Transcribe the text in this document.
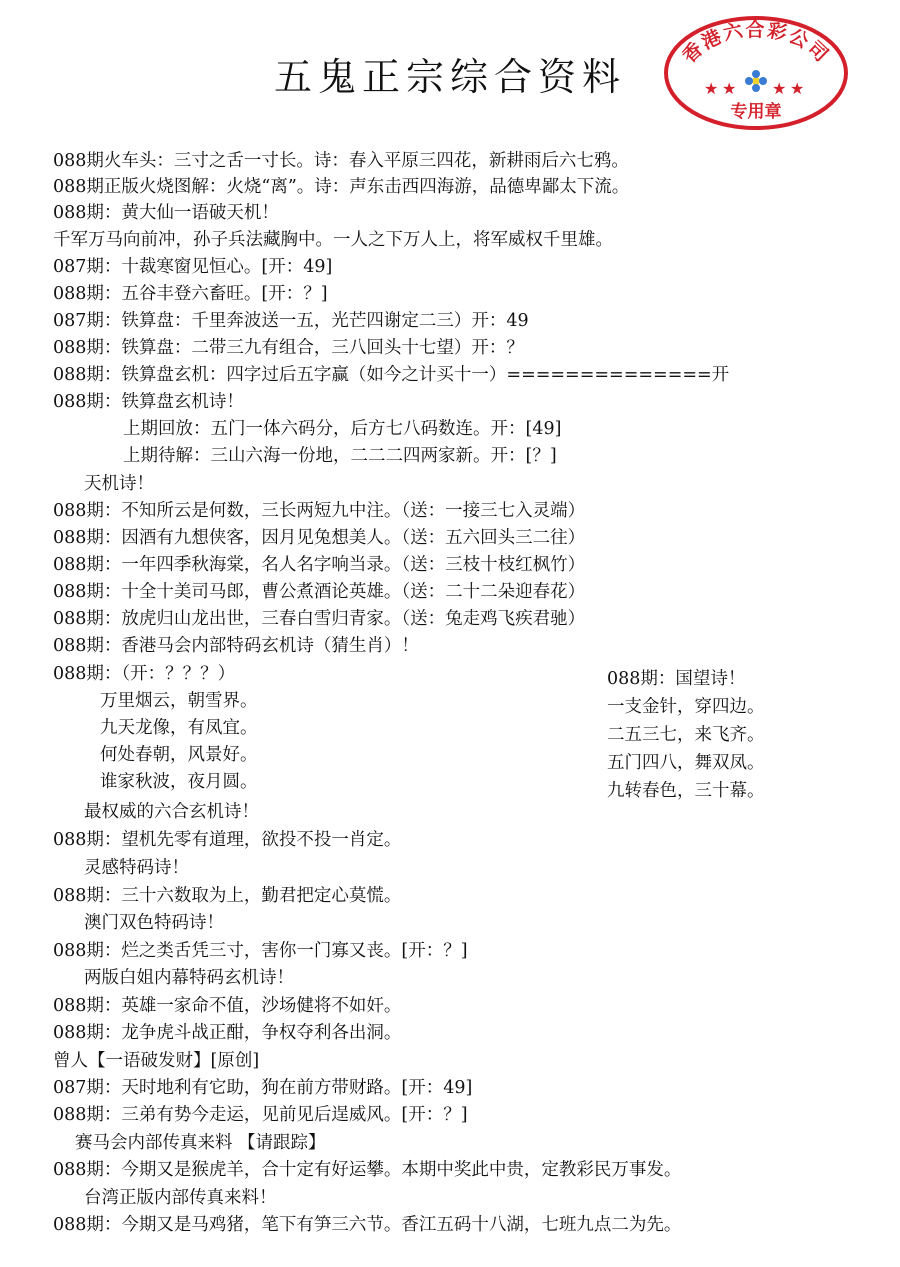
五鬼正宗综合资料
香港六合彩公司
★ ★ ★ ★
专用章
088期火车头：三寸之舌一寸长。诗：春入平原三四花，新耕雨后六七鸦。
088期正版火烧图解：火烧“离”。诗：声东击西四海游，品德卑鄙太下流。
088期：黄大仙一语破天机！
千军万马向前冲，孙子兵法藏胸中。一人之下万人上，将军威权千里雄。
087期：十裁寒窗见恒心。[开：49]
088期：五谷丰登六畜旺。[开：？]
087期：铁算盘：千里奔波送一五，光芒四谢定二三）开：49
088期：铁算盘：二带三九有组合，三八回头十七望）开：？
088期：铁算盘玄机：四字过后五字赢（如今之计买十一）==============开
088期：铁算盘玄机诗！
上期回放：五门一体六码分，后方七八码数连。开：[49]
上期待解：三山六海一份地，二二二四两家新。开：[？]
天机诗！
088期：不知所云是何数，三长两短九中注。（送：一接三七入灵端）
088期：因酒有九想侠客，因月见兔想美人。（送：五六回头三二往）
088期：一年四季秋海棠，名人名字响当录。（送：三枝十枝红枫竹）
088期：十全十美司马郎，曹公煮酒论英雄。（送：二十二朵迎春花）
088期：放虎归山龙出世，三春白雪归青家。（送：兔走鸡飞疾君驰）
088期：香港马会内部特码玄机诗（猜生肖）！
088期：（开：？？？）
万里烟云，朝雪界。
九天龙像，有凤宜。
何处春朝，风景好。
谁家秋波，夜月圆。
最权威的六合玄机诗！
088期：望机先零有道理，欲投不投一肖定。
灵感特码诗！
088期：三十六数取为上，勤君把定心莫慌。
澳门双色特码诗！
088期：烂之类舌凭三寸，害你一门寡又丧。[开：？]
两版白姐内幕特码玄机诗！
088期：英雄一家命不值，沙场健将不如奸。
088期：龙争虎斗战正酣，争权夺利各出洞。
曾人【一语破发财】[原创]
087期：天时地利有它助，狗在前方带财路。[开：49]
088期：三弟有势今走运，见前见后逞威风。[开：？]
赛马会内部传真来料 【请跟踪】
088期：今期又是猴虎羊，合十定有好运攀。本期中奖此中贵，定教彩民万事发。
台湾正版内部传真来料！
088期：今期又是马鸡猪，笔下有笋三六节。香江五码十八湖，七班九点二为先。
088期：国望诗！
一支金针，穿四边。
二五三七，来飞齐。
五门四八，舞双凤。
九转春色，三十幕。
